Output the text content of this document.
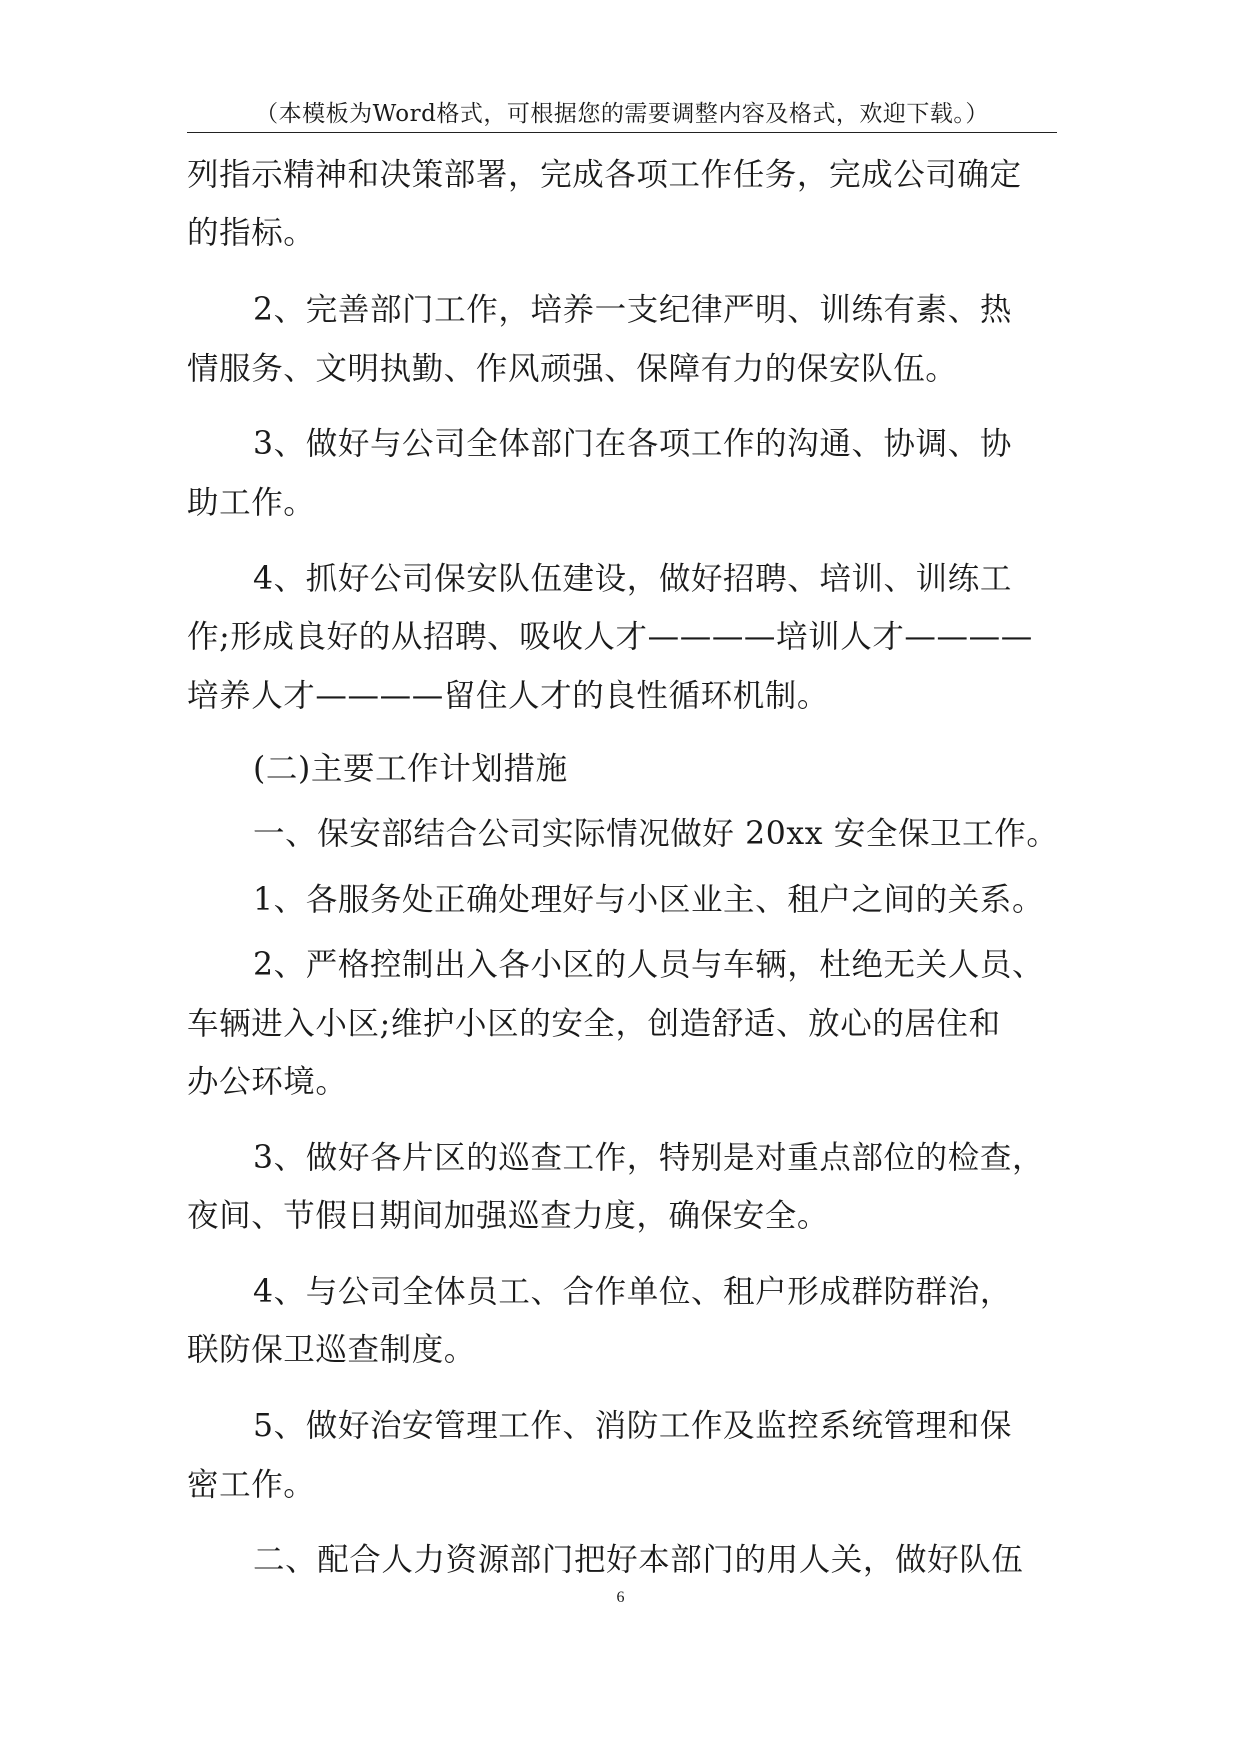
（本模板为Word格式，可根据您的需要调整内容及格式，欢迎下载。）
列指示精神和决策部署，完成各项工作任务，完成公司确定
的指标。
2、完善部门工作，培养一支纪律严明、训练有素、热
情服务、文明执勤、作风顽强、保障有力的保安队伍。
3、做好与公司全体部门在各项工作的沟通、协调、协
助工作。
4、抓好公司保安队伍建设，做好招聘、培训、训练工
作;形成良好的从招聘、吸收人才————培训人才————
培养人才————留住人才的良性循环机制。
(二)主要工作计划措施
一、保安部结合公司实际情况做好 20xx 安全保卫工作。
1、各服务处正确处理好与小区业主、租户之间的关系。
2、严格控制出入各小区的人员与车辆，杜绝无关人员、
车辆进入小区;维护小区的安全，创造舒适、放心的居住和
办公环境。
3、做好各片区的巡查工作，特别是对重点部位的检查，
夜间、节假日期间加强巡查力度，确保安全。
4、与公司全体员工、合作单位、租户形成群防群治，
联防保卫巡查制度。
5、做好治安管理工作、消防工作及监控系统管理和保
密工作。
二、配合人力资源部门把好本部门的用人关，做好队伍
6
